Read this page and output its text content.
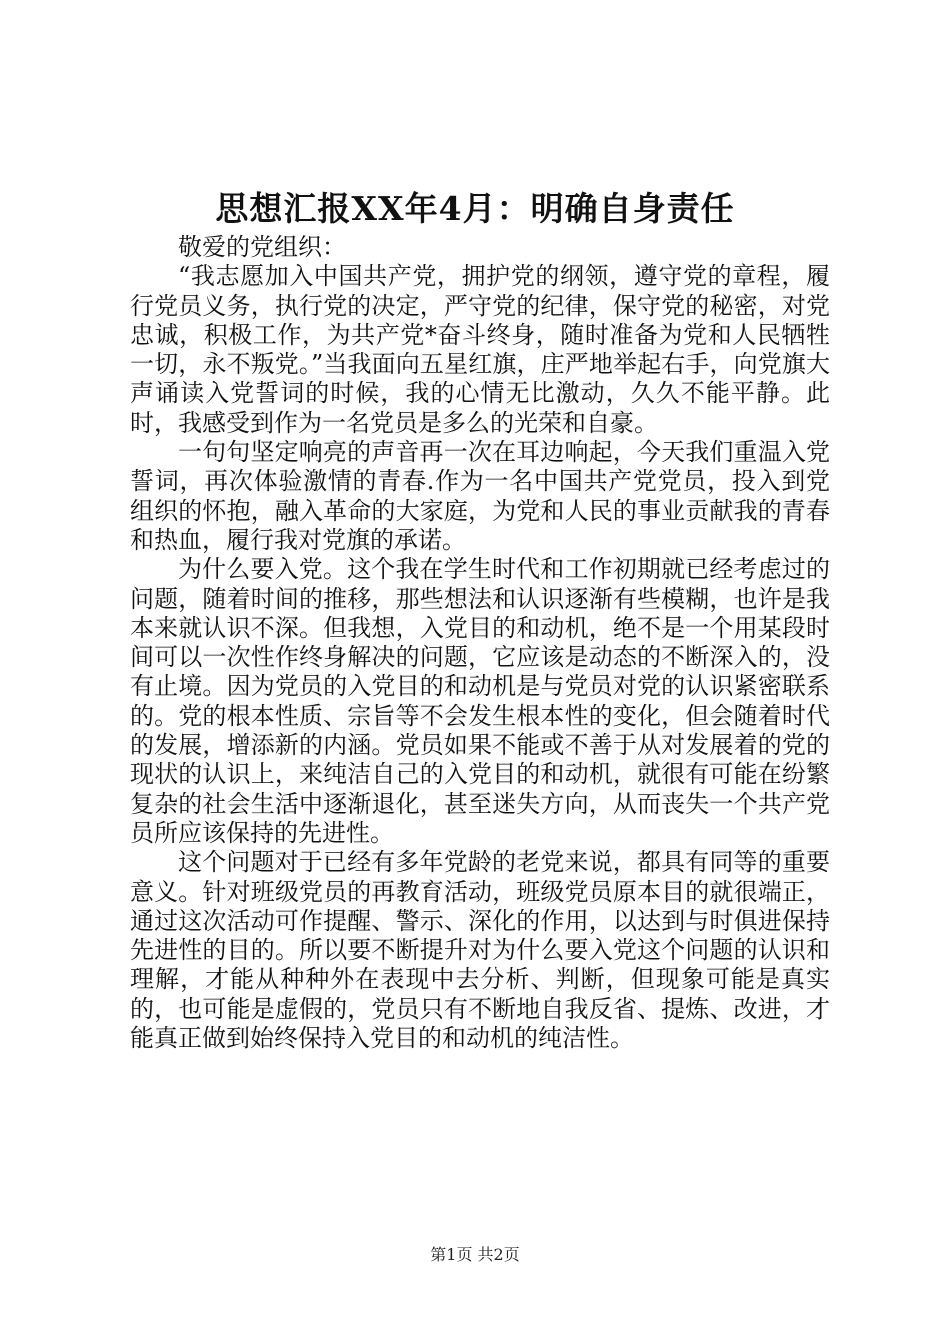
思想汇报XX年4月：明确自身责任

敬爱的党组织：

“我志愿加入中国共产党，拥护党的纲领，遵守党的章程，履行党员义务，执行党的决定，严守党的纪律，保守党的秘密，对党忠诚，积极工作，为共产党*奋斗终身，随时准备为党和人民牺牲一切，永不叛党。”当我面向五星红旗，庄严地举起右手，向党旗大声诵读入党誓词的时候，我的心情无比激动，久久不能平静。此时，我感受到作为一名党员是多么的光荣和自豪。

一句句坚定响亮的声音再一次在耳边响起，今天我们重温入党誓词，再次体验激情的青春.作为一名中国共产党党员，投入到党组织的怀抱，融入革命的大家庭，为党和人民的事业贡献我的青春和热血，履行我对党旗的承诺。

为什么要入党。这个我在学生时代和工作初期就已经考虑过的问题，随着时间的推移，那些想法和认识逐渐有些模糊，也许是我本来就认识不深。但我想，入党目的和动机，绝不是一个用某段时间可以一次性作终身解决的问题，它应该是动态的不断深入的，没有止境。因为党员的入党目的和动机是与党员对党的认识紧密联系的。党的根本性质、宗旨等不会发生根本性的变化，但会随着时代的发展，增添新的内涵。党员如果不能或不善于从对发展着的党的现状的认识上，来纯洁自己的入党目的和动机，就很有可能在纷繁复杂的社会生活中逐渐退化，甚至迷失方向，从而丧失一个共产党员所应该保持的先进性。

这个问题对于已经有多年党龄的老党来说，都具有同等的重要意义。针对班级党员的再教育活动，班级党员原本目的就很端正，通过这次活动可作提醒、警示、深化的作用，以达到与时俱进保持先进性的目的。所以要不断提升对为什么要入党这个问题的认识和理解，才能从种种外在表现中去分析、判断，但现象可能是真实的，也可能是虚假的，党员只有不断地自我反省、提炼、改进，才能真正做到始终保持入党目的和动机的纯洁性。

第1页 共2页
